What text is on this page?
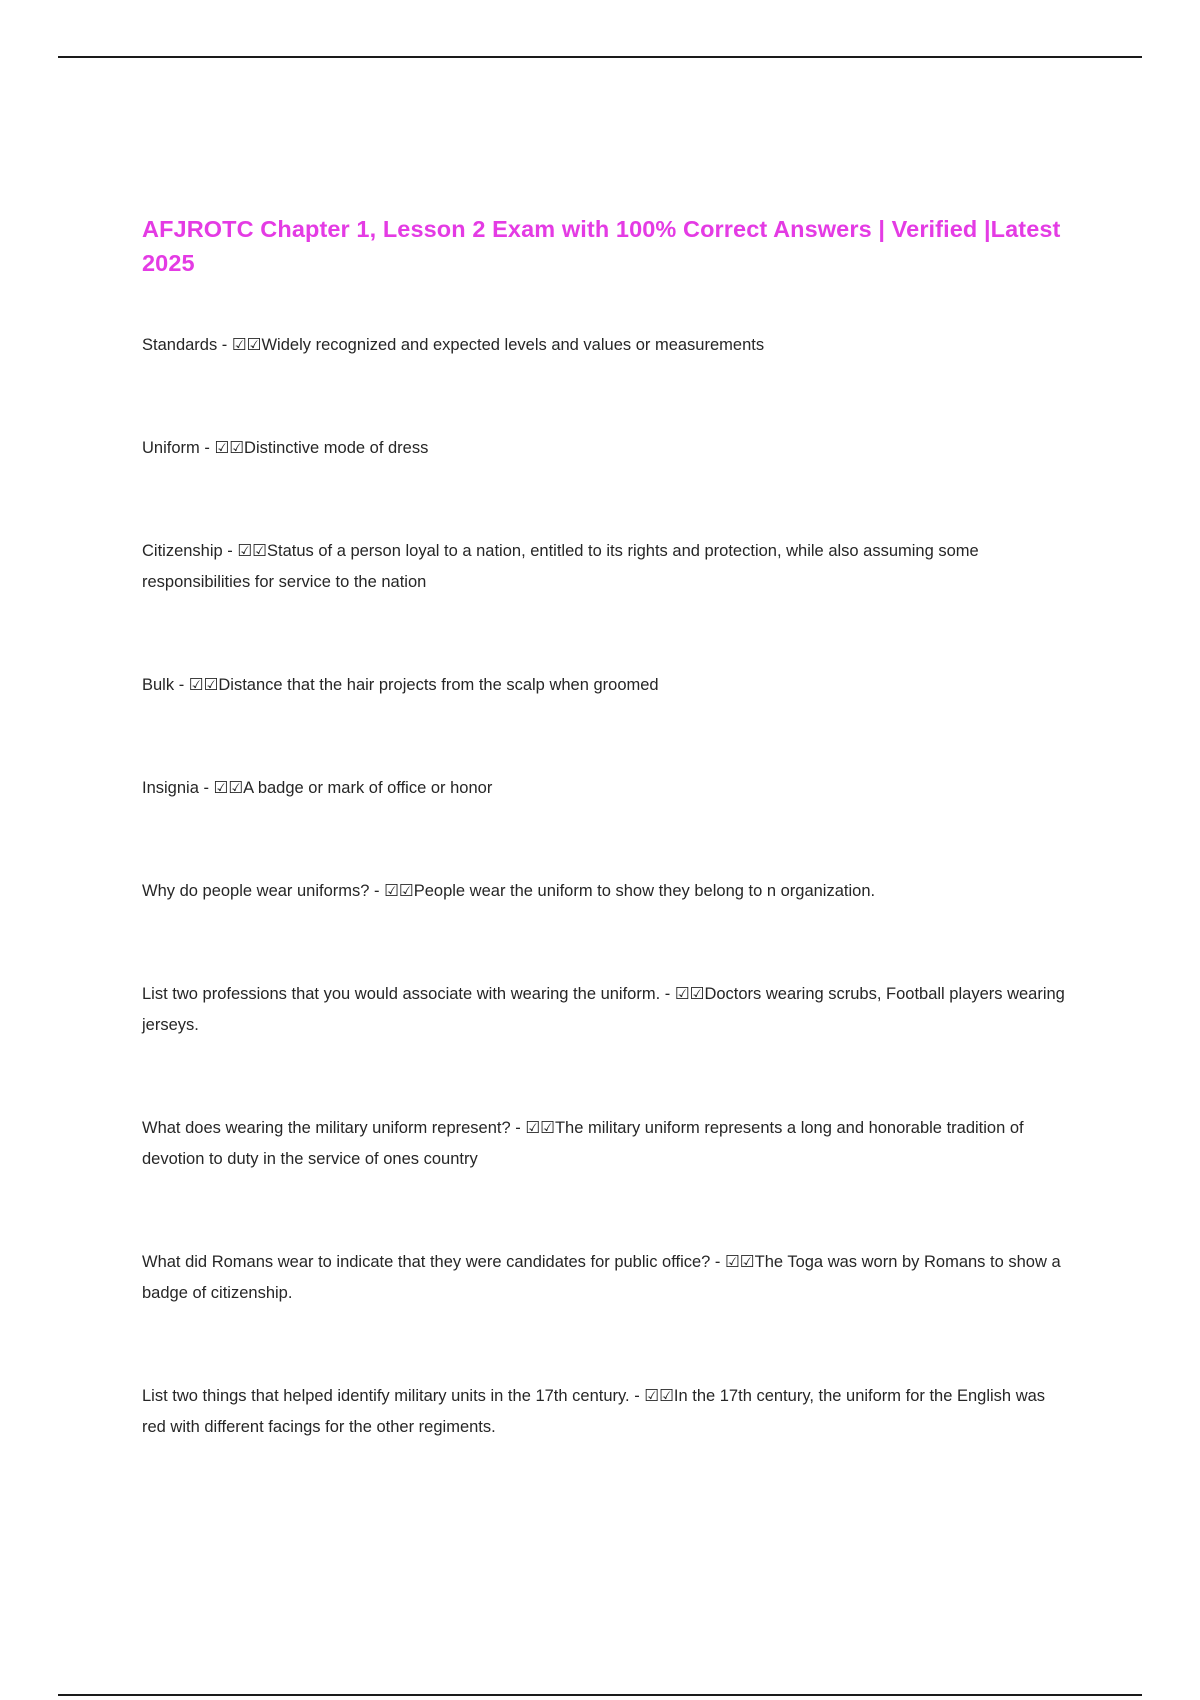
AFJROTC Chapter 1, Lesson 2 Exam with 100% Correct Answers | Verified |Latest 2025
Standards - ☑☑Widely recognized and expected levels and values or measurements
Uniform - ☑☑Distinctive mode of dress
Citizenship - ☑☑Status of a person loyal to a nation, entitled to its rights and protection, while also assuming some responsibilities for service to the nation
Bulk - ☑☑Distance that the hair projects from the scalp when groomed
Insignia - ☑☑A badge or mark of office or honor
Why do people wear uniforms? - ☑☑People wear the uniform to show they belong to n organization.
List two professions that you would associate with wearing the uniform. - ☑☑Doctors wearing scrubs, Football players wearing jerseys.
What does wearing the military uniform represent? - ☑☑The military uniform represents a long and honorable tradition of devotion to duty in the service of ones country
What did Romans wear to indicate that they were candidates for public office? - ☑☑The Toga was worn by Romans to show a badge of citizenship.
List two things that helped identify military units in the 17th century. - ☑☑In the 17th century, the uniform for the English was red with different facings for the other regiments.
